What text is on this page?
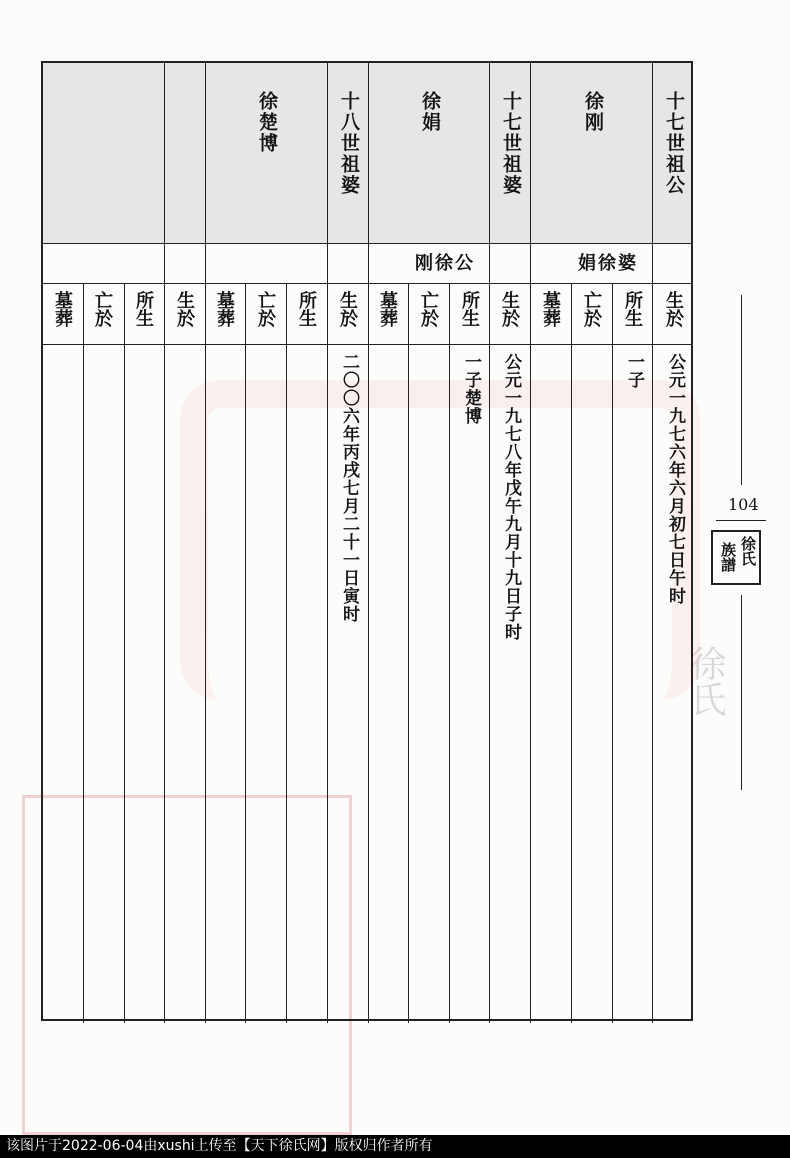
徐氏
十七世祖公
徐刚
十七世祖婆
徐娟
十八世祖婆
徐楚博
娟徐婆
刚徐公
生於
所生
亡於
墓葬
生於
所生
亡於
墓葬
生於
所生
亡於
墓葬
生於
所生
亡於
墓葬
公元一九七六年六月初七日午时
一子
公元一九七八年戊午九月十九日子时
一子楚博
二〇〇六年丙戌七月二十一日寅时	104
徐氏
族譜
该图片于2022-06-04由xushi上传至【天下徐氏网】版权归作者所有
